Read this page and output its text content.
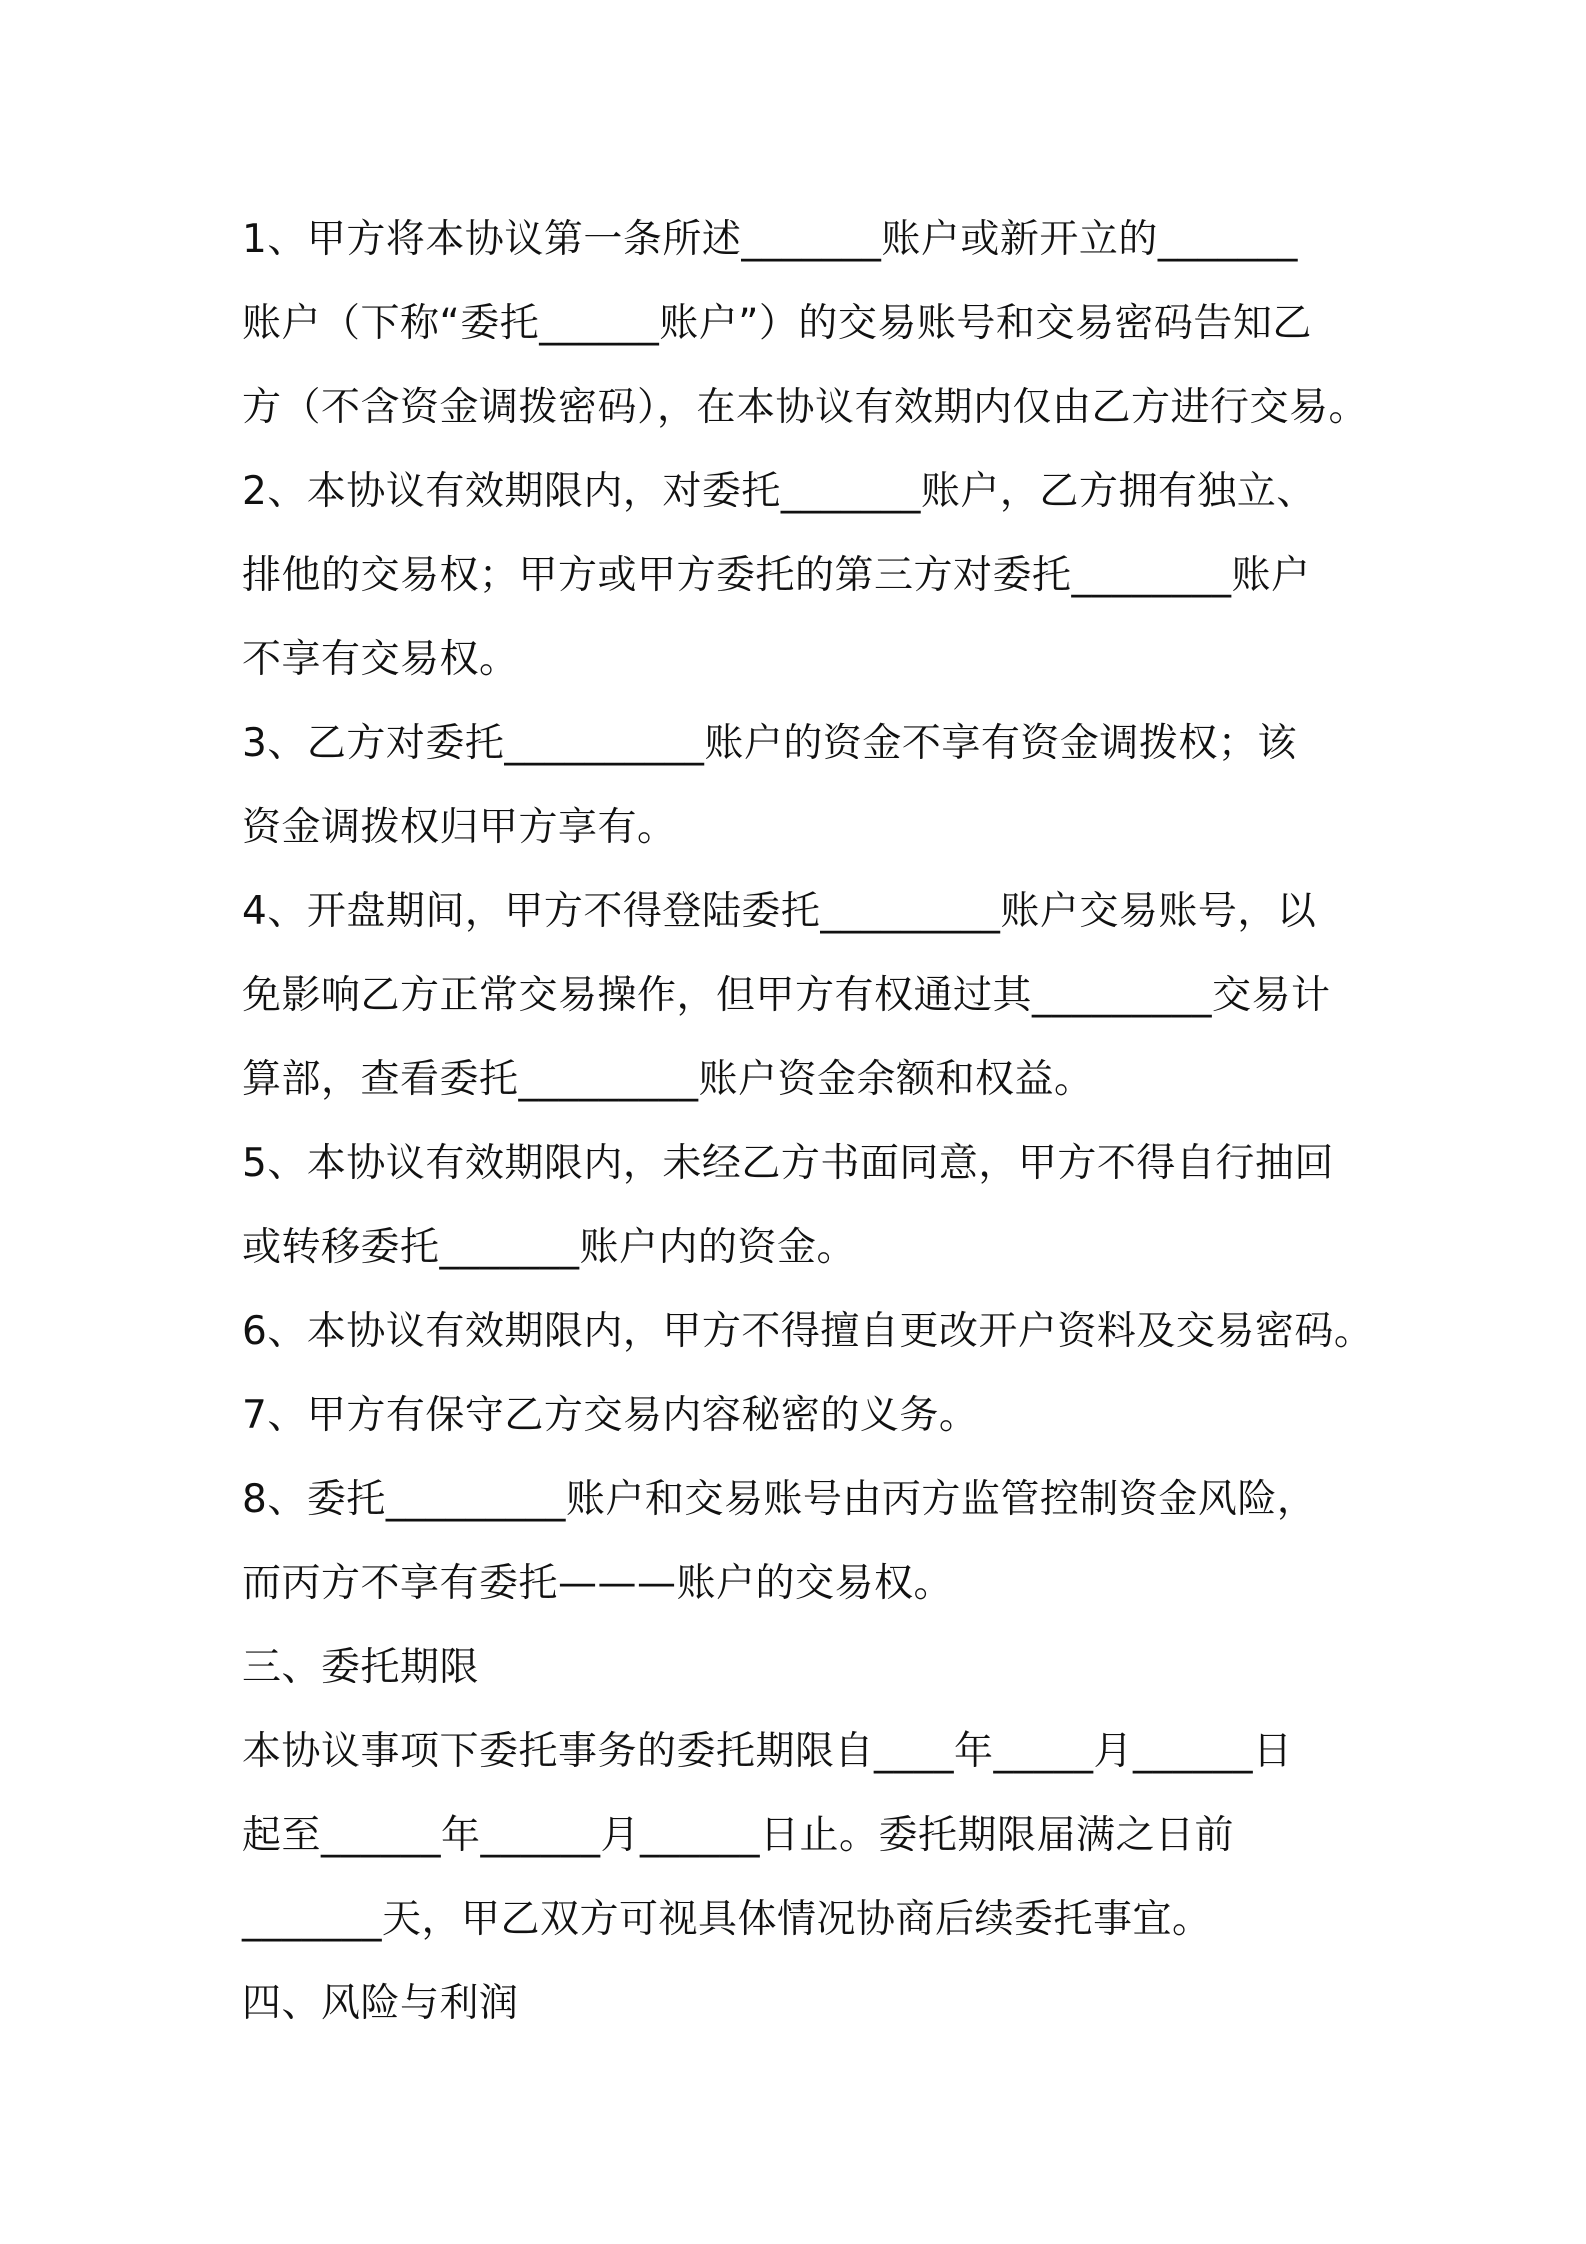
1、甲方将本协议第一条所述_______账户或新开立的_______
账户（下称“委托______账户”）的交易账号和交易密码告知乙
方（不含资金调拨密码），在本协议有效期内仅由乙方进行交易。
2、本协议有效期限内，对委托_______账户，乙方拥有独立、
排他的交易权；甲方或甲方委托的第三方对委托________账户
不享有交易权。
3、乙方对委托__________账户的资金不享有资金调拨权；该
资金调拨权归甲方享有。
4、开盘期间，甲方不得登陆委托_________账户交易账号，以
免影响乙方正常交易操作，但甲方有权通过其_________交易计
算部，查看委托_________账户资金余额和权益。
5、本协议有效期限内，未经乙方书面同意，甲方不得自行抽回
或转移委托_______账户内的资金。
6、本协议有效期限内，甲方不得擅自更改开户资料及交易密码。
7、甲方有保守乙方交易内容秘密的义务。
8、委托_________账户和交易账号由丙方监管控制资金风险，
而丙方不享有委托———账户的交易权。
三、委托期限
本协议事项下委托事务的委托期限自____年_____月______日
起至______年______月______日止。委托期限届满之日前
_______天，甲乙双方可视具体情况协商后续委托事宜。
四、风险与利润
